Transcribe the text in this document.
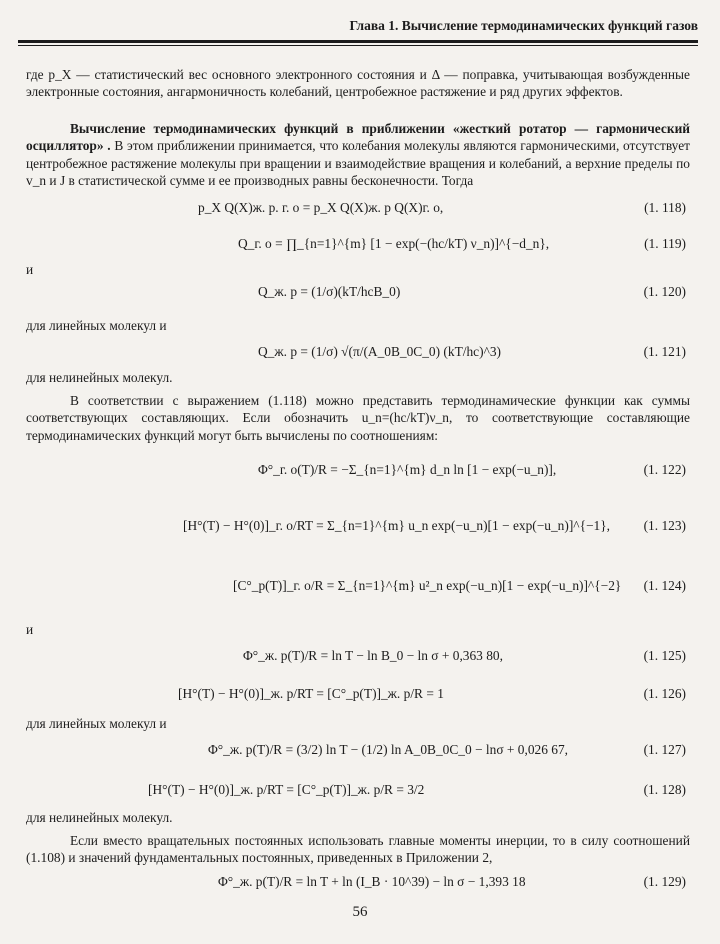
Глава 1. Вычисление термодинамических функций газов

где p_X — статистический вес основного электронного состояния и Δ — поправка, учитывающая возбужденные электронные состояния, ангармоничность колебаний, центробежное растяжение и ряд других эффектов.

Вычисление термодинамических функций в приближении «жесткий ротатор — гармонический осциллятор» . В этом приближении принимается, что колебания молекулы являются гармоническими, отсутствует центробежное растяжение молекулы при вращении и взаимодействие вращения и колебаний, а верхние пределы по v_n и J в статистической сумме и ее производных равны бесконечности. Тогда

p_X Q(X)ж. р. г. о = p_X Q(X)ж. р Q(X)г. о,	(1. 118)
Q_г. о = ∏_{n=1}^{m} [1 − exp(−(hc/kT) ν_n)]^{−d_n},	(1. 119)
и
Q_ж. р = (1/σ)(kT/hcB_0)	(1. 120)
для линейных молекул и
Q_ж. р = (1/σ) √(π/(A_0B_0C_0) (kT/hc)^3)	(1. 121)
для нелинейных молекул.

В соответствии с выражением (1.118) можно представить термодинамические функции как суммы соответствующих составляющих. Если обозначить u_n=(hc/kT)ν_n, то соответствующие составляющие термодинамических функций могут быть вычислены по соотношениям:

Φ°_г. о(T)/R = −Σ_{n=1}^{m} d_n ln [1 − exp(−u_n)],	(1. 122)
[H°(T) − H°(0)]_г. о/RT = Σ_{n=1}^{m} u_n exp(−u_n)[1 − exp(−u_n)]^{−1},	(1. 123)
[C°_p(T)]_г. о/R = Σ_{n=1}^{m} u²_n exp(−u_n)[1 − exp(−u_n)]^{−2} (1. 124)
и
Φ°_ж. р(T)/R = ln T − ln B_0 − ln σ + 0,363 80,	(1. 125)
[H°(T) − H°(0)]_ж. р/RT = [C°_p(T)]_ж. р/R = 1	(1. 126)
для линейных молекул и
Φ°_ж. р(T)/R = (3/2) ln T − (1/2) ln A_0B_0C_0 − lnσ + 0,026 67,	(1. 127)
[H°(T) − H°(0)]_ж. р/RT = [C°_p(T)]_ж. р/R = 3/2	(1. 128)
для нелинейных молекул.

Если вместо вращательных постоянных использовать главные моменты инерции, то в силу соотношений (1.108) и значений фундаментальных постоянных, приведенных в Приложении 2,

Φ°_ж. р(T)/R = ln T + ln (I_B · 10^39) − ln σ − 1,393 18	(1. 129)
56
